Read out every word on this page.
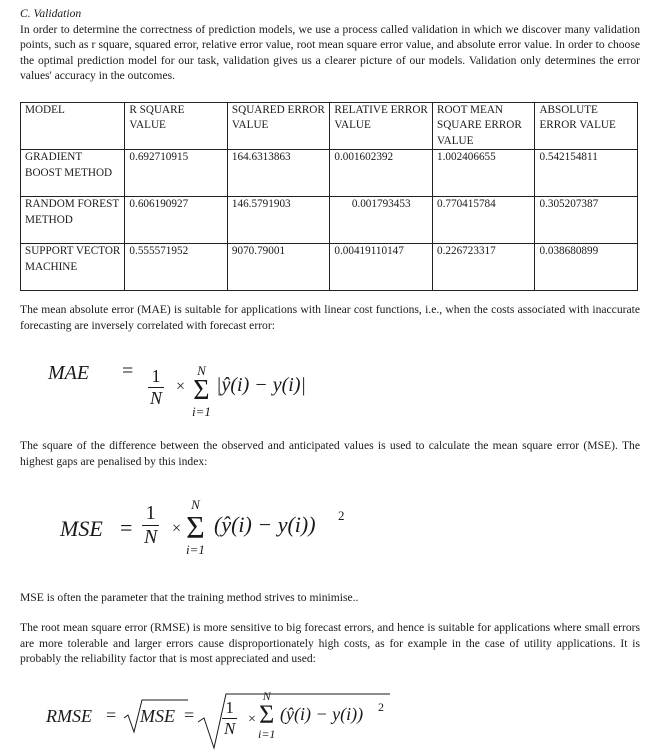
C. Validation

In order to determine the correctness of prediction models, we use a process called validation in which we discover many validation points, such as r square, squared error, relative error value, root mean square error value, and absolute error value. In order to choose the optimal prediction model for our task, validation gives us a clearer picture of our models. Validation only determines the error values' accuracy in the outcomes.

MODEL	R SQUARE VALUE	SQUARED ERROR VALUE	RELATIVE ERROR VALUE	ROOT MEAN SQUARE ERROR VALUE	ABSOLUTE ERROR VALUE
GRADIENT BOOST METHOD	0.692710915	164.6313863	0.001602392	1.002406655	0.542154811
RANDOM FOREST METHOD	0.606190927	146.5791903	0.001793453	0.770415784	0.305207387
SUPPORT VECTOR MACHINE	0.555571952	9070.79001	0.00419110147	0.226723317	0.038680899

The mean absolute error (MAE) is suitable for applications with linear cost functions, i.e., when the costs associated with inaccurate forecasting are inversely correlated with forecast error:

MAE = $\frac{1}{N}$ ×
N
Σ
i=1
|ŷ(i) − y(i)|

The square of the difference between the observed and anticipated values is used to calculate the mean square error (MSE). The highest gaps are penalised by this index:

MSE = $\frac{1}{N}$ ×
N
Σ
i=1
(ŷ(i) − y(i)) 2

MSE is often the parameter that the training method strives to minimise..

The root mean square error (RMSE) is more sensitive to big forecast errors, and hence is suitable for applications where small errors are more tolerable and larger errors cause disproportionately high costs, as for example in the case of utility applications. It is probably the reliability factor that is most appreciated and used:

RMSE = MSE = $\frac{1}{N}$ ×
N
Σ
i=1
(ŷ(i) − y(i)) 2
